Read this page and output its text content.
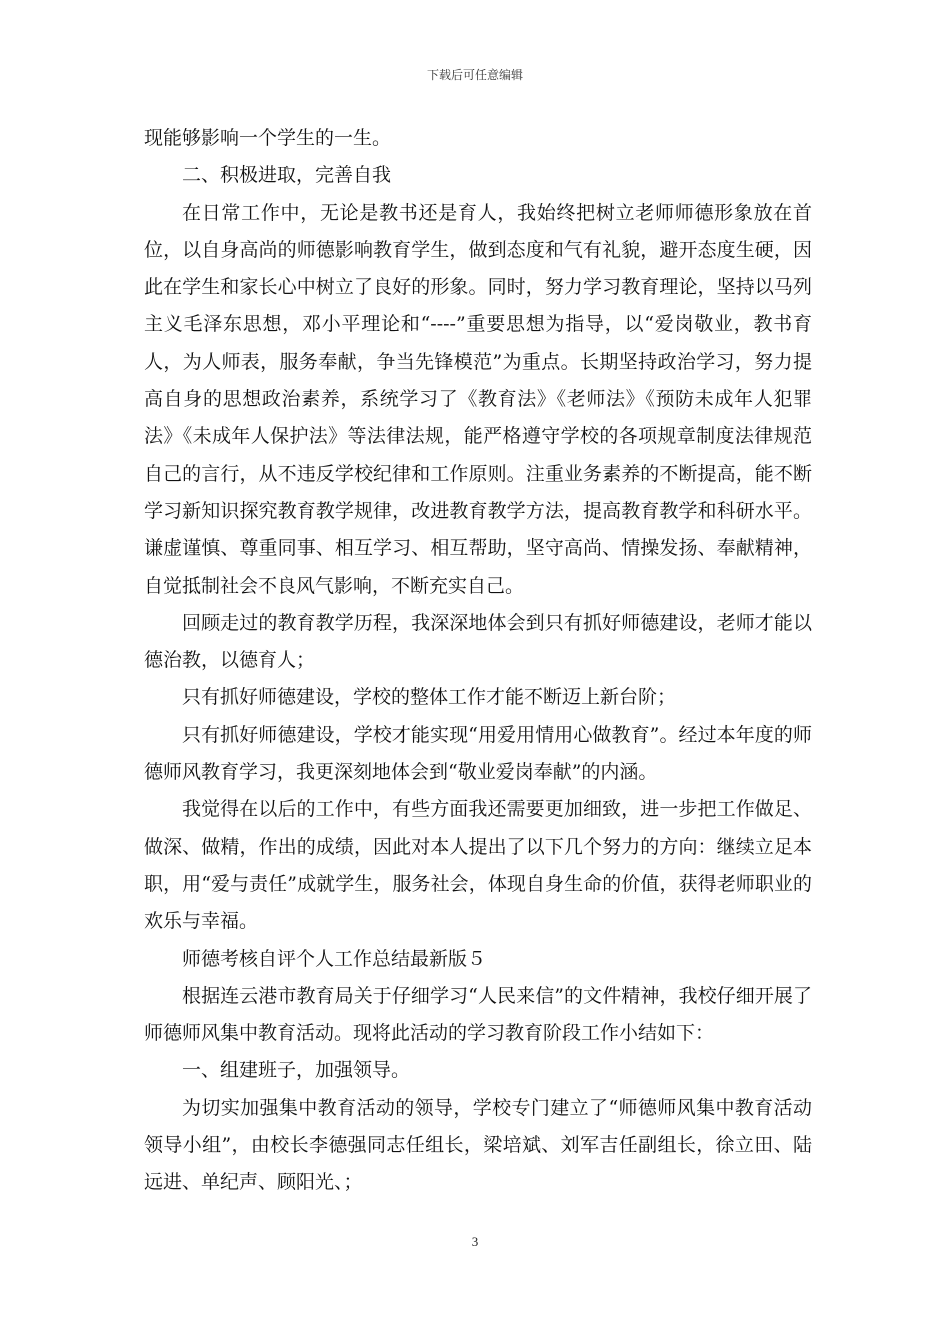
下载后可任意编辑

现能够影响一个学生的一生。

二、积极进取，完善自我

在日常工作中，无论是教书还是育人，我始终把树立老师师德形象放在首位，以自身高尚的师德影响教育学生，做到态度和气有礼貌，避开态度生硬，因此在学生和家长心中树立了良好的形象。同时，努力学习教育理论，坚持以马列主义毛泽东思想，邓小平理论和“----”重要思想为指导，以“爱岗敬业，教书育人，为人师表，服务奉献，争当先锋模范”为重点。长期坚持政治学习，努力提高自身的思想政治素养，系统学习了《教育法》《老师法》《预防未成年人犯罪法》《未成年人保护法》等法律法规，能严格遵守学校的各项规章制度法律规范自己的言行，从不违反学校纪律和工作原则。注重业务素养的不断提高，能不断学习新知识探究教育教学规律，改进教育教学方法，提高教育教学和科研水平。谦虚谨慎、尊重同事、相互学习、相互帮助，坚守高尚、情操发扬、奉献精神，自觉抵制社会不良风气影响，不断充实自己。

回顾走过的教育教学历程，我深深地体会到只有抓好师德建设，老师才能以德治教，以德育人；

只有抓好师德建设，学校的整体工作才能不断迈上新台阶；

只有抓好师德建设，学校才能实现“用爱用情用心做教育”。经过本年度的师德师风教育学习，我更深刻地体会到“敬业爱岗奉献”的内涵。

我觉得在以后的工作中，有些方面我还需要更加细致，进一步把工作做足、做深、做精，作出的成绩，因此对本人提出了以下几个努力的方向：继续立足本职，用“爱与责任”成就学生，服务社会，体现自身生命的价值，获得老师职业的欢乐与幸福。

师德考核自评个人工作总结最新版５

根据连云港市教育局关于仔细学习“人民来信”的文件精神，我校仔细开展了师德师风集中教育活动。现将此活动的学习教育阶段工作小结如下：

一、组建班子，加强领导。

为切实加强集中教育活动的领导，学校专门建立了“师德师风集中教育活动领导小组”，由校长李德强同志任组长，梁培斌、刘军吉任副组长，徐立田、陆远进、单纪声、顾阳光、；

3
